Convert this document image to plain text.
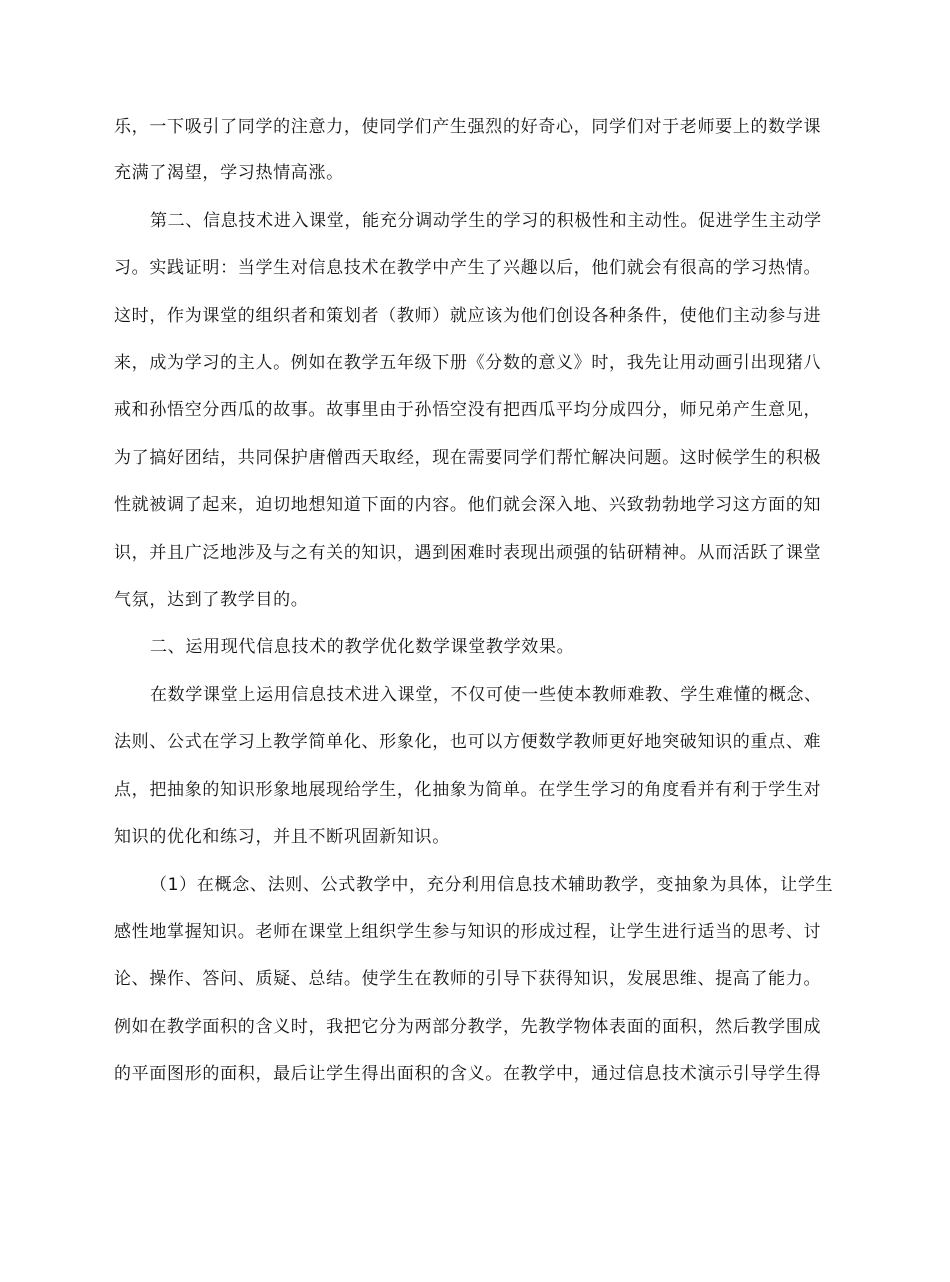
乐，一下吸引了同学的注意力，使同学们产生强烈的好奇心，同学们对于老师要上的数学课
充满了渴望，学习热情高涨。
第二、信息技术进入课堂，能充分调动学生的学习的积极性和主动性。促进学生主动学
习。实践证明：当学生对信息技术在教学中产生了兴趣以后，他们就会有很高的学习热情。
这时，作为课堂的组织者和策划者（教师）就应该为他们创设各种条件，使他们主动参与进
来，成为学习的主人。例如在教学五年级下册《分数的意义》时，我先让用动画引出现猪八
戒和孙悟空分西瓜的故事。故事里由于孙悟空没有把西瓜平均分成四分，师兄弟产生意见，
为了搞好团结，共同保护唐僧西天取经，现在需要同学们帮忙解决问题。这时候学生的积极
性就被调了起来，迫切地想知道下面的内容。他们就会深入地、兴致勃勃地学习这方面的知
识，并且广泛地涉及与之有关的知识，遇到困难时表现出顽强的钻研精神。从而活跃了课堂
气氛，达到了教学目的。
二、运用现代信息技术的教学优化数学课堂教学效果。
在数学课堂上运用信息技术进入课堂，不仅可使一些使本教师难教、学生难懂的概念、
法则、公式在学习上教学简单化、形象化，也可以方便数学教师更好地突破知识的重点、难
点，把抽象的知识形象地展现给学生，化抽象为简单。在学生学习的角度看并有利于学生对
知识的优化和练习，并且不断巩固新知识。
（1）在概念、法则、公式教学中，充分利用信息技术辅助教学，变抽象为具体，让学生
感性地掌握知识。老师在课堂上组织学生参与知识的形成过程，让学生进行适当的思考、讨
论、操作、答问、质疑、总结。使学生在教师的引导下获得知识，发展思维、提高了能力。
例如在教学面积的含义时，我把它分为两部分教学，先教学物体表面的面积，然后教学围成
的平面图形的面积，最后让学生得出面积的含义。在教学中，通过信息技术演示引导学生得
